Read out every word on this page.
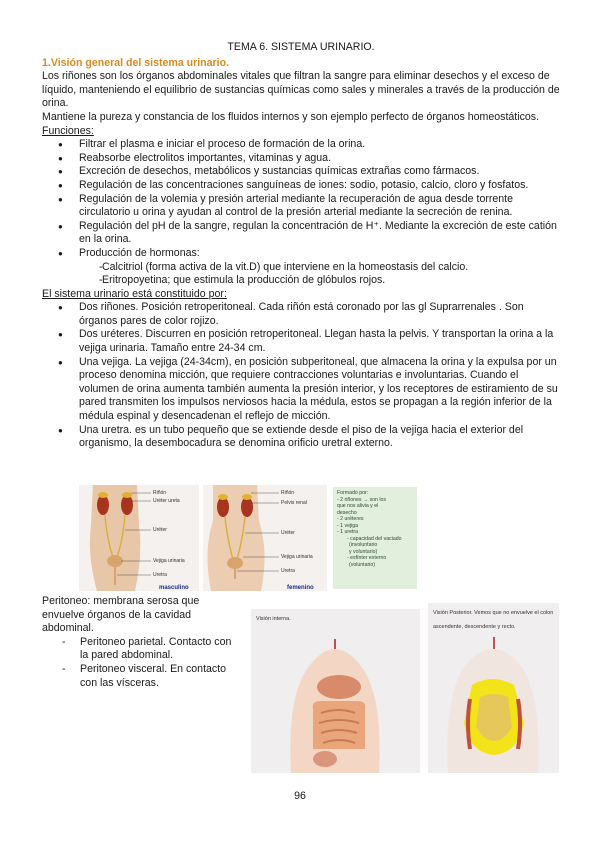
TEMA 6. SISTEMA URINARIO.

1.Visión general del sistema urinario.

Los riñones son los órganos abdominales vitales que filtran la sangre para eliminar desechos y el exceso de líquido, manteniendo el equilibrio de sustancias químicas como sales y minerales a través de la producción de orina.

Mantiene la pureza y constancia de los fluidos internos y son ejemplo perfecto de órganos homeostáticos.

Funciones:

● Filtrar el plasma e iniciar el proceso de formación de la orina.
● Reabsorbe electrolitos importantes, vitaminas y agua.
● Excreción de desechos, metabólicos y sustancias químicas extrañas como fármacos.
● Regulación de las concentraciones sanguíneas de iones: sodio, potasio, calcio, cloro y fosfatos.
● Regulación de la volemia y presión arterial mediante la recuperación de agua desde torrente circulatorio u orina y ayudan al control de la presión arterial mediante la secreción de renina.
● Regulación del pH de la sangre, regulan la concentración de H⁺. Mediante la excreción de este catión en la orina.
● Producción de hormonas:
- Calcitriol (forma activa de la vit.D) que interviene en la homeostasis del calcio.
- Eritropoyetina; que estimula la producción de glóbulos rojos.

El sistema urinario está constituido por:

● Dos riñones. Posición retroperitoneal. Cada riñón está coronado por las gl Suprarrenales . Son órganos pares de color rojizo.
● Dos uréteres. Discurren en posición retroperitoneal. Llegan hasta la pelvis. Y transportan la orina a la vejiga urinaria. Tamaño entre 24-34 cm.
● Una vejiga. La vejiga (24-34cm), en posición subperitoneal, que almacena la orina y la expulsa por un proceso denomina micción, que requiere contracciones voluntarias e involuntarias. Cuando el volumen de orina aumenta también aumenta la presión interior, y los receptores de estiramiento de su pared transmiten los impulsos nerviosos hacia la médula, estos se propagan a la región inferior de la médula espinal y desencadenan el reflejo de micción.
● Una uretra. es un tubo pequeño que se extiende desde el piso de la vejiga hacia el exterior del organismo, la desembocadura se denomina orificio uretral externo.
Riñón
Uréter ureta
Uréter
Vejiga urinaria
Uretra
masculino
Riñón
Pelvis renal
Uréter
Vejiga urinaria
Uretra
femenino
Formado por:
- 2 riñones → son los
que nos alivia y el
desecho
- 2 uréteres
- 1 vejiga
- 1 uretra
- capacidad del vaciado
(involuntario
y voluntario)
- esfínter externo
(voluntario)

Peritoneo: membrana serosa que envuelve órganos de la cavidad abdominal.

- Peritoneo parietal. Contacto con la pared abdominal.
- Peritoneo visceral. En contacto con las vísceras.
Visión interna.
Visión Posterior. Vemos que no envuelve el colon ascendente, descendente y recto.
96
